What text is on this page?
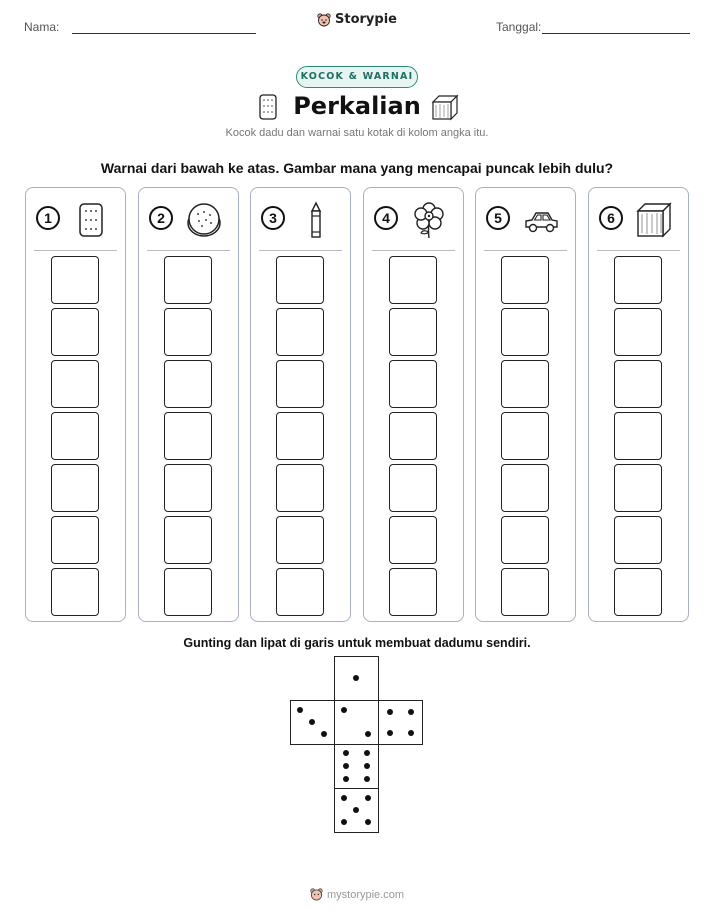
Nama:	Storypie	Tanggal:
KOCOK & WARNAI
Perkalian
Kocok dadu dan warnai satu kotak di kolom angka itu.
Warnai dari bawah ke atas. Gambar mana yang mencapai puncak lebih dulu?
1	2	3	4	5	6
Gunting dan lipat di garis untuk membuat dadumu sendiri.
mystorypie.com
